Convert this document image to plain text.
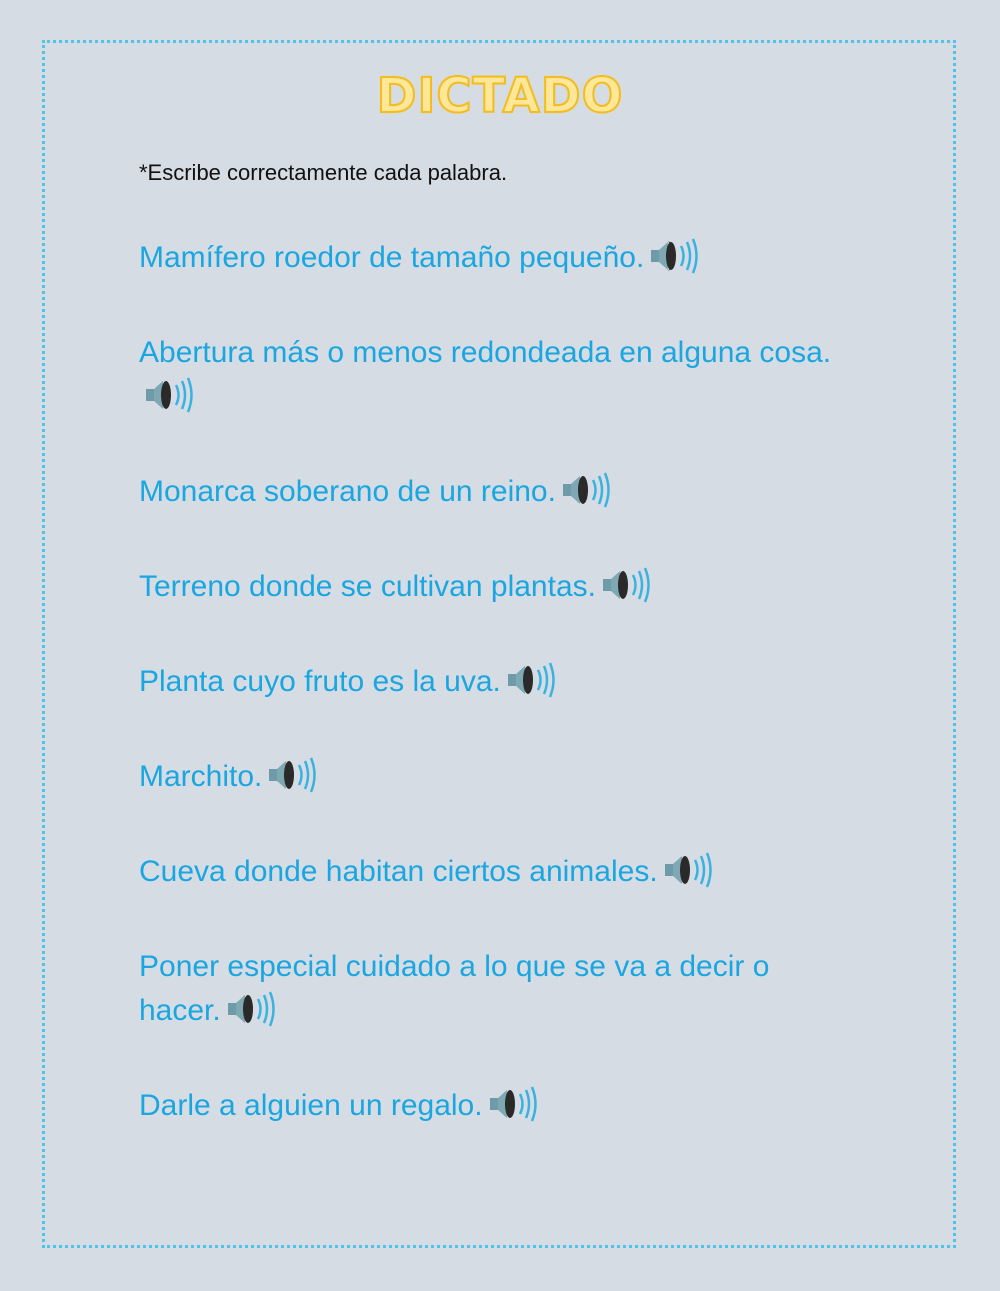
DICTADO
*Escribe correctamente cada palabra.
Mamífero roedor de tamaño pequeño.
Abertura más o menos redondeada en alguna cosa.
Monarca soberano de un reino.
Terreno donde se cultivan plantas.
Planta cuyo fruto es la uva.
Marchito.
Cueva donde habitan ciertos animales.
Poner especial cuidado a lo que se va a decir o hacer.
Darle a alguien un regalo.
